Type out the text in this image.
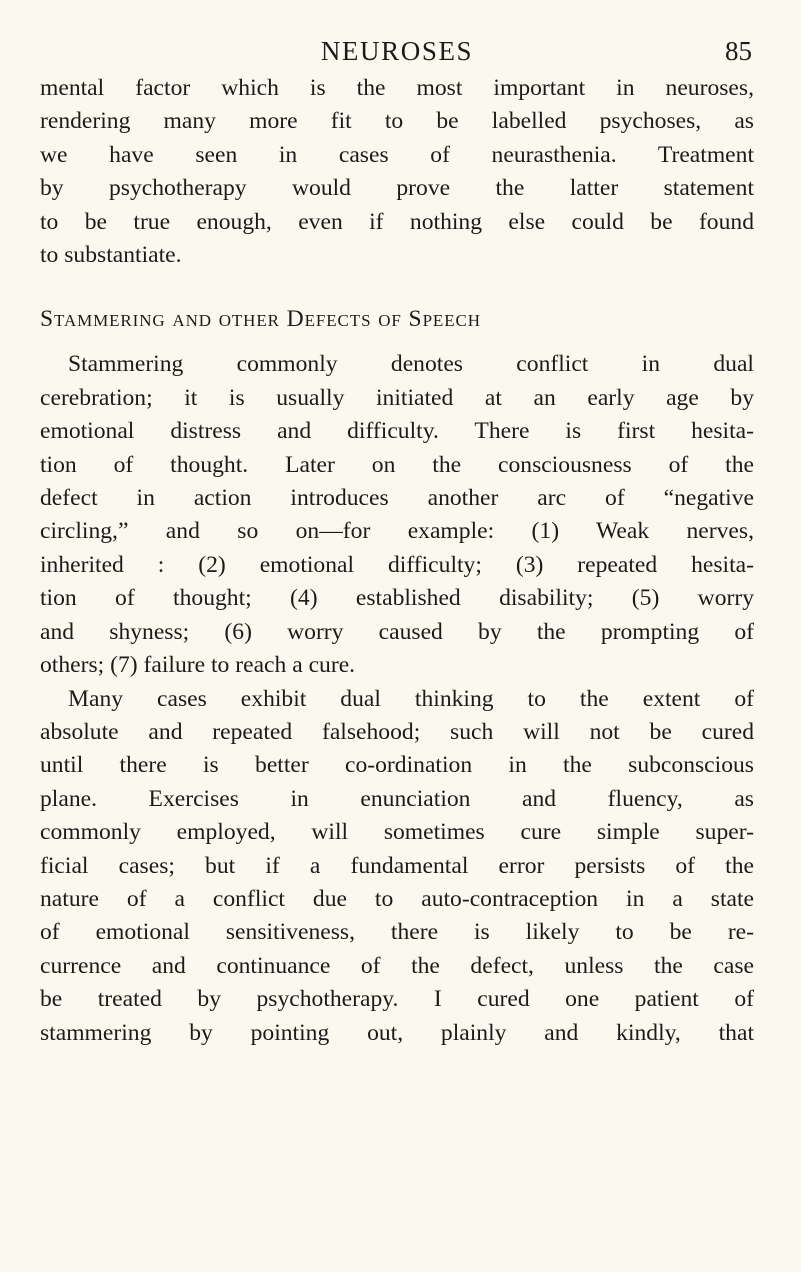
NEUROSES	85

mental factor which is the most important in neuroses,
rendering many more fit to be labelled psychoses, as
we have seen in cases of neurasthenia. Treatment
by psychotherapy would prove the latter statement
to be true enough, even if nothing else could be found
to substantiate.

Stammering and other Defects of Speech

Stammering commonly denotes conflict in dual
cerebration; it is usually initiated at an early age by
emotional distress and difficulty. There is first hesita-
tion of thought. Later on the consciousness of the
defect in action introduces another arc of “negative
circling,” and so on—for example: (1) Weak nerves,
inherited : (2) emotional difficulty; (3) repeated hesita-
tion of thought; (4) established disability; (5) worry
and shyness; (6) worry caused by the prompting of
others; (7) failure to reach a cure.

Many cases exhibit dual thinking to the extent of
absolute and repeated falsehood; such will not be cured
until there is better co-ordination in the subconscious
plane. Exercises in enunciation and fluency, as
commonly employed, will sometimes cure simple super-
ficial cases; but if a fundamental error persists of the
nature of a conflict due to auto-contraception in a state
of emotional sensitiveness, there is likely to be re-
currence and continuance of the defect, unless the case
be treated by psychotherapy. I cured one patient of
stammering by pointing out, plainly and kindly, that
